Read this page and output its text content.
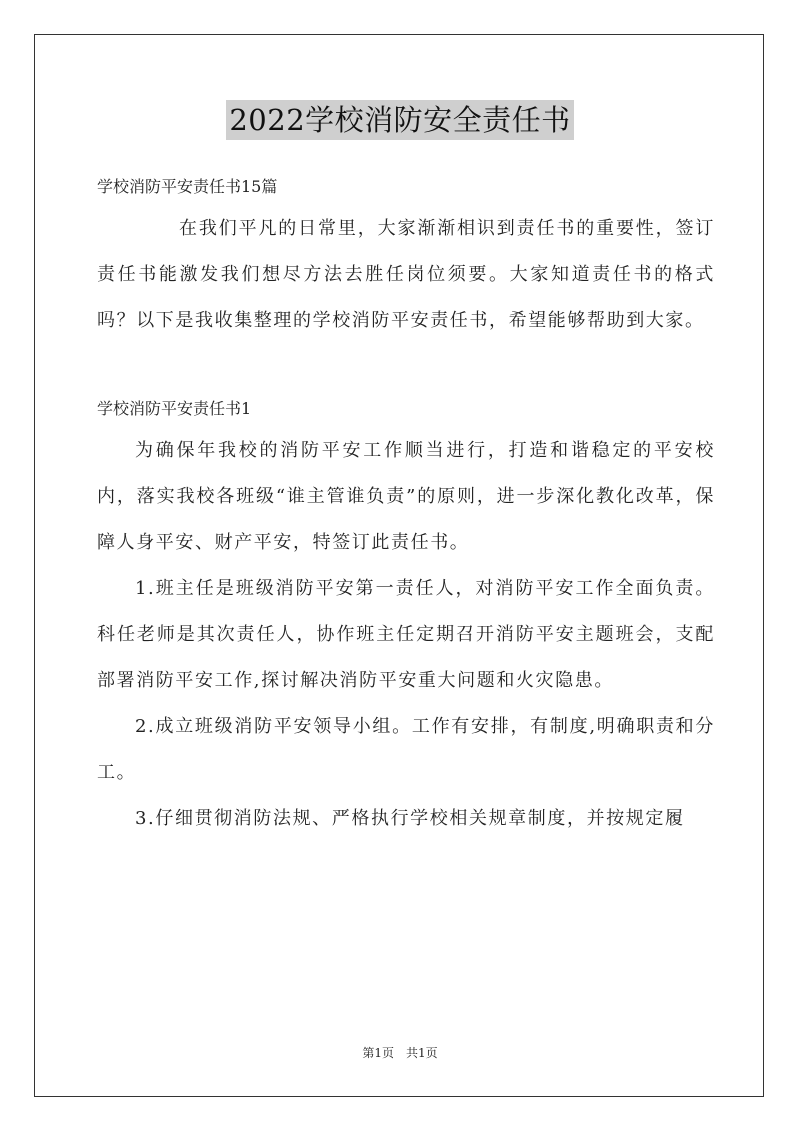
2022学校消防安全责任书
学校消防平安责任书15篇

在我们平凡的日常里，大家渐渐相识到责任书的重要性，签订责任书能激发我们想尽方法去胜任岗位须要。大家知道责任书的格式吗？以下是我收集整理的学校消防平安责任书，希望能够帮助到大家。

学校消防平安责任书1

为确保年我校的消防平安工作顺当进行，打造和谐稳定的平安校内，落实我校各班级“谁主管谁负责”的原则，进一步深化教化改革，保障人身平安、财产平安，特签订此责任书。

1.班主任是班级消防平安第一责任人，对消防平安工作全面负责。科任老师是其次责任人，协作班主任定期召开消防平安主题班会，支配部署消防平安工作,探讨解决消防平安重大问题和火灾隐患。

2.成立班级消防平安领导小组。工作有安排，有制度,明确职责和分工。

3.仔细贯彻消防法规、严格执行学校相关规章制度，并按规定履

第1页　共1页
